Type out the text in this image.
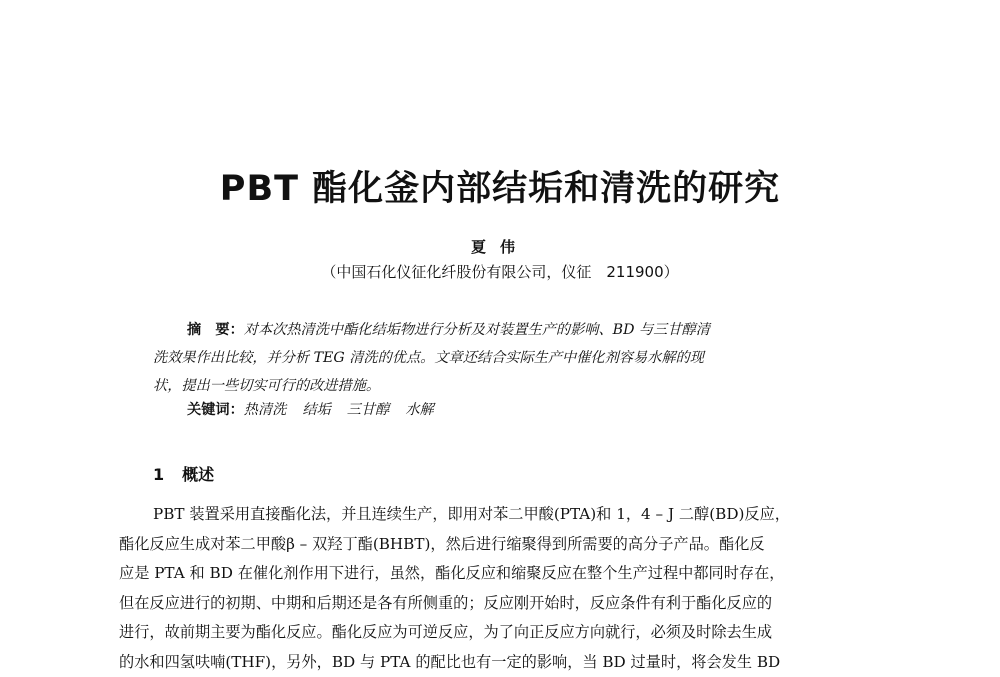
PBT 酯化釜内部结垢和清洗的研究
夏伟
（中国石化仪征化纤股份有限公司，仪征　211900）
摘　要：对本次热清洗中酯化结垢物进行分析及对装置生产的影响、BD 与三甘醇清
洗效果作出比较，并分析 TEG 清洗的优点。文章还结合实际生产中催化剂容易水解的现
状，提出一些切实可行的改进措施。
关键词：热清洗 结垢 三甘醇 水解
1 概述
PBT 装置采用直接酯化法，并且连续生产，即用对苯二甲酸(PTA)和 1，4 – J 二醇(BD)反应，
酯化反应生成对苯二甲酸β – 双羟丁酯(BHBT)，然后进行缩聚得到所需要的高分子产品。酯化反
应是 PTA 和 BD 在催化剂作用下进行，虽然，酯化反应和缩聚反应在整个生产过程中都同时存在，
但在反应进行的初期、中期和后期还是各有所侧重的；反应刚开始时，反应条件有利于酯化反应的
进行，故前期主要为酯化反应。酯化反应为可逆反应，为了向正反应方向就行，必须及时除去生成
的水和四氢呋喃(THF)，另外，BD 与 PTA 的配比也有一定的影响，当 BD 过量时，将会发生 BD
